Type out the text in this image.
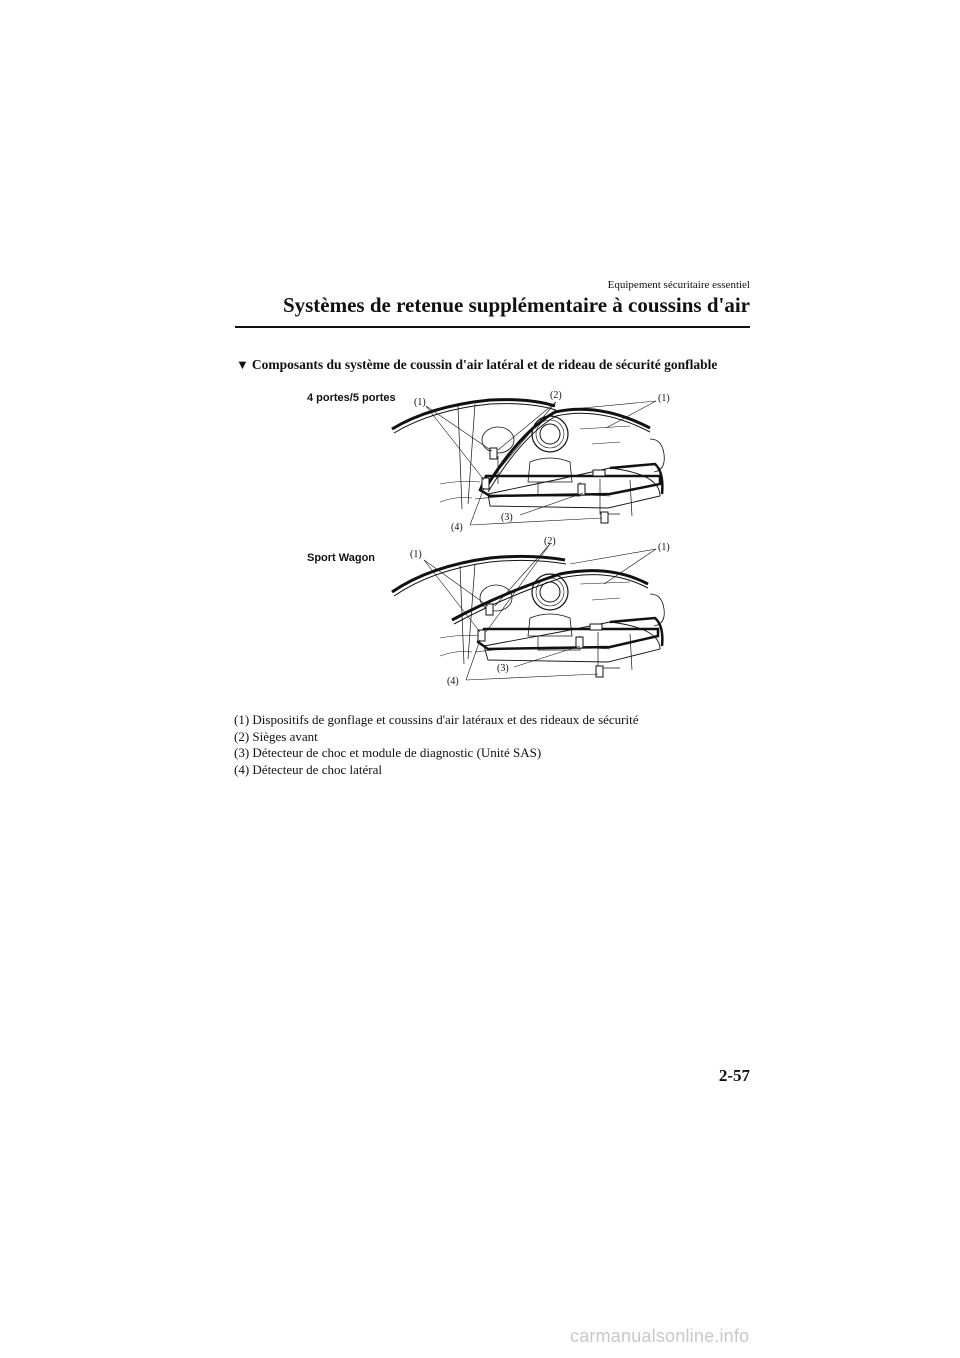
Equipement sécuritaire essentiel
Systèmes de retenue supplémentaire à coussins d'air
▼ Composants du système de coussin d'air latéral et de rideau de sécurité gonflable
4 portes/5 portes
Sport Wagon
(1)
(2)	(1)
(3)
(4)
(1)
(2)
(1)
(3)
(4)
(1) Dispositifs de gonflage et coussins d'air latéraux et des rideaux de sécurité
(2) Sièges avant
(3) Détecteur de choc et module de diagnostic (Unité SAS)
(4) Détecteur de choc latéral
2-57
carmanualsonline.info
